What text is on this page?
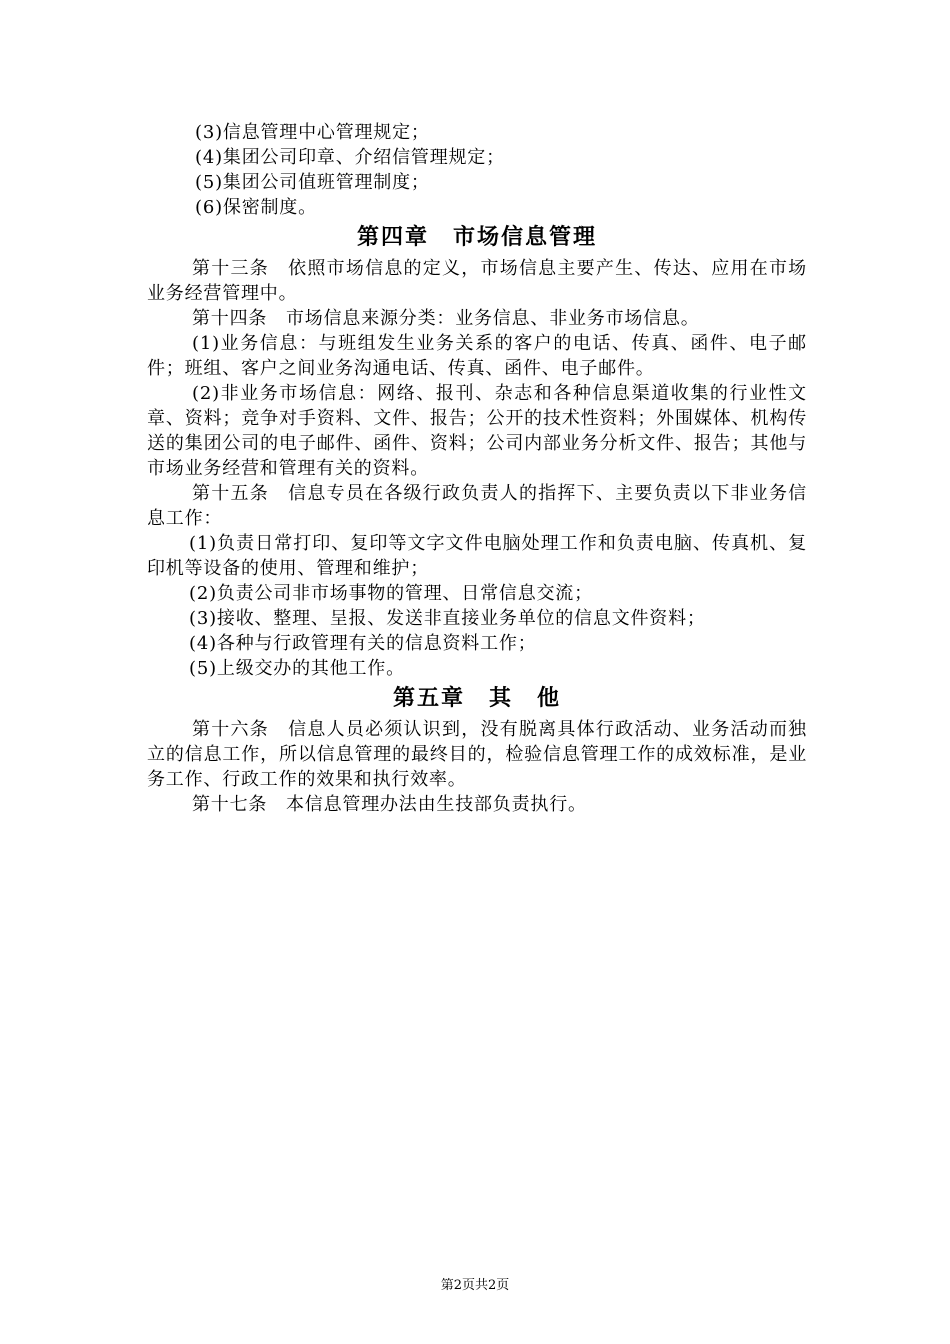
(3)信息管理中心管理规定；

(4)集团公司印章、介绍信管理规定；

(5)集团公司值班管理制度；

(6)保密制度。

第四章　市场信息管理

第十三条　依照市场信息的定义，市场信息主要产生、传达、应用在市场业务经营管理中。

第十四条　市场信息来源分类：业务信息、非业务市场信息。

(1)业务信息：与班组发生业务关系的客户的电话、传真、函件、电子邮件；班组、客户之间业务沟通电话、传真、函件、电子邮件。

(2)非业务市场信息：网络、报刊、杂志和各种信息渠道收集的行业性文章、资料；竞争对手资料、文件、报告；公开的技术性资料；外围媒体、机构传送的集团公司的电子邮件、函件、资料；公司内部业务分析文件、报告；其他与市场业务经营和管理有关的资料。

第十五条　信息专员在各级行政负责人的指挥下、主要负责以下非业务信息工作：

(1)负责日常打印、复印等文字文件电脑处理工作和负责电脑、传真机、复印机等设备的使用、管理和维护；

(2)负责公司非市场事物的管理、日常信息交流；

(3)接收、整理、呈报、发送非直接业务单位的信息文件资料；

(4)各种与行政管理有关的信息资料工作；

(5)上级交办的其他工作。

第五章　其　他

第十六条　信息人员必须认识到，没有脱离具体行政活动、业务活动而独立的信息工作，所以信息管理的最终目的，检验信息管理工作的成效标准，是业务工作、行政工作的效果和执行效率。

第十七条　本信息管理办法由生技部负责执行。

第2页共2页
